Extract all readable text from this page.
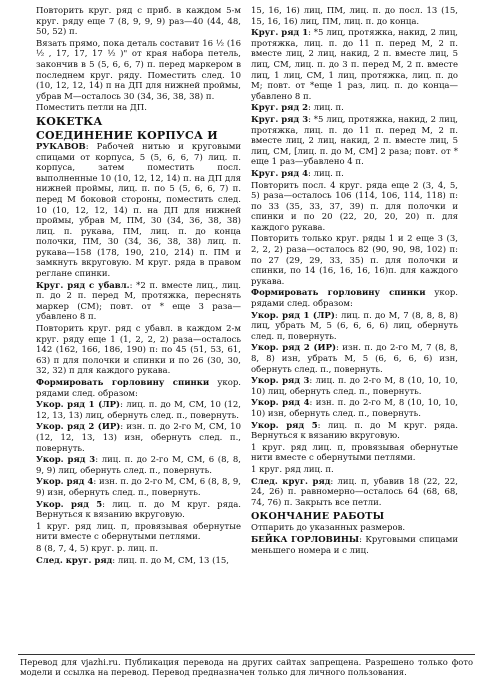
Повторить круг. ряд с приб. в каждом 5-м круг. ряду еще 7 (8, 9, 9, 9) раз—40 (44, 48, 50, 52) п.

Вязать прямо, пока деталь составит 16 ½ (16 ½ , 17, 17, 17 ½ )" от края набора петель, закончив в 5 (5, 6, 6, 7) п. перед маркером в последнем круг. ряду. Поместить след. 10 (10, 12, 12, 14) п на ДП для нижней проймы, убрав М—осталось 30 (34, 36, 38, 38) п.

Поместить петли на ДП.

КОКЕТКА
СОЕДИНЕНИЕ КОРПУСА И

РУКАВОВ: Рабочей нитью и круговыми спицами от корпуса, 5 (5, 6, 6, 7) лиц. п. корпуса, затем поместить посл. выполненные 10 (10, 12, 12, 14) п. на ДП для нижней проймы, лиц. п. по 5 (5, 6, 6, 7) п. перед М боковой стороны, поместить след. 10 (10, 12, 12, 14) п. на ДП для нижней проймы, убрав М, ПМ, 30 (34, 36, 38, 38) лиц. п. рукава, ПМ, лиц. п. до конца полочки, ПМ, 30 (34, 36, 38, 38) лиц. п. рукава—158 (178, 190, 210, 214) п. ПМ и замкнуть вкруговую. М круг. ряда в правом реглане спинки.

Круг. ряд с убавл.: *2 п. вместе лиц., лиц. п. до 2 п. перед М, протяжка, переснять маркер (СМ); повт. от * еще 3 раза—убавлено 8 п.

Повторить круг. ряд с убавл. в каждом 2-м круг. ряду еще 1 (1, 2, 2, 2) раза—осталось 142 (162, 166, 186, 190) п: по 45 (51, 53, 61, 63) п для полочки и спинки и по 26 (30, 30, 32, 32) п для каждого рукава.

Формировать горловину спинки укор. рядами след. образом:

Укор. ряд 1 (ЛР): лиц. п. до М, СМ, 10 (12, 12, 13, 13) лиц, обернуть след. п., повернуть.

Укор. ряд 2 (ИР): изн. п. до 2-го М, СМ, 10 (12, 12, 13, 13) изн, обернуть след. п., повернуть.

Укор. ряд 3: лиц. п. до 2-го М, СМ, 6 (8, 8, 9, 9) лиц, обернуть след. п., повернуть.

Укор. ряд 4: изн. п. до 2-го М, СМ, 6 (8, 8, 9, 9) изн, обернуть след. п., повернуть.

Укор. ряд 5: лиц. п. до М круг. ряда. Вернуться к вязанию вкруговую.

1 круг. ряд лиц. п, провязывая обернутые нити вместе с обернутыми петлями.

8 (8, 7, 4, 5) круг. р. лиц. п.

След. круг. ряд: лиц. п. до М, СМ, 13 (15,

15, 16, 16) лиц, ПМ, лиц. п. до посл. 13 (15, 15, 16, 16) лиц, ПМ, лиц. п. до конца.

Круг. ряд 1: *5 лиц, протяжка, накид, 2 лиц, протяжка, лиц. п. до 11 п. перед М, 2 п. вместе лиц, 2 лиц, накид, 2 п. вместе лиц, 5 лиц, СМ, лиц. п. до 3 п. перед М, 2 п. вместе лиц, 1 лиц, СМ, 1 лиц, протяжка, лиц. п. до М; повт. от *еще 1 раз, лиц. п. до конца—убавлено 8 п.

Круг. ряд 2: лиц. п.

Круг. ряд 3: *5 лиц, протяжка, накид, 2 лиц, протяжка, лиц. п. до 11 п. перед М, 2 п. вместе лиц, 2 лиц, накид, 2 п. вместе лиц, 5 лиц, СМ, [лиц. п. до М, СМ] 2 раза; повт. от * еще 1 раз—убавлено 4 п.

Круг. ряд 4: лиц. п.

Повторить посл. 4 круг. ряда еще 2 (3, 4, 5, 5) раза—осталось 106 (114, 106, 114, 118) п: по 33 (35, 33, 37, 39) п. для полочки и спинки и по 20 (22, 20, 20, 20) п. для каждого рукава.

Повторить только круг. ряды 1 и 2 еще 3 (3, 2, 2, 2) раза—осталось 82 (90, 90, 98, 102) п: по 27 (29, 29, 33, 35) п. для полочки и спинки, по 14 (16, 16, 16, 16)п. для каждого рукава.

Формировать горловину спинки укор. рядами след. образом:

Укор. ряд 1 (ЛР): лиц. п. до М, 7 (8, 8, 8, 8) лиц, убрать М, 5 (6, 6, 6, 6) лиц, обернуть след. п, повернуть.

Укор. ряд 2 (ИР): изн. п. до 2-го М, 7 (8, 8, 8, 8) изн, убрать М, 5 (6, 6, 6, 6) изн, обернуть след. п., повернуть.

Укор. ряд 3: лиц. п. до 2-го М, 8 (10, 10, 10, 10) лиц, обернуть след. п., повернуть.

Укор. ряд 4: изн. п. до 2-го М, 8 (10, 10, 10, 10) изн, обернуть след. п., повернуть.

Укор. ряд 5: лиц. п. до М круг. ряда. Вернуться к вязанию вкруговую.

1 круг. ряд лиц. п, провязывая обернутые нити вместе с обернутыми петлями.

1 круг. ряд лиц. п.

След. круг. ряд: лиц. п, убавив 18 (22, 22, 24, 26) п. равномерно—осталось 64 (68, 68, 74, 76) п. Закрыть все петли.

ОКОНЧАНИЕ РАБОТЫ

Отпарить до указанных размеров.

БЕЙКА ГОРЛОВИНЫ: Круговыми спицами меньшего номера и с лиц.

Перевод для vjazhi.ru. Публикация перевода на других сайтах запрещена. Разрешено только фото модели и ссылка на перевод. Перевод предназначен только для личного пользования.
